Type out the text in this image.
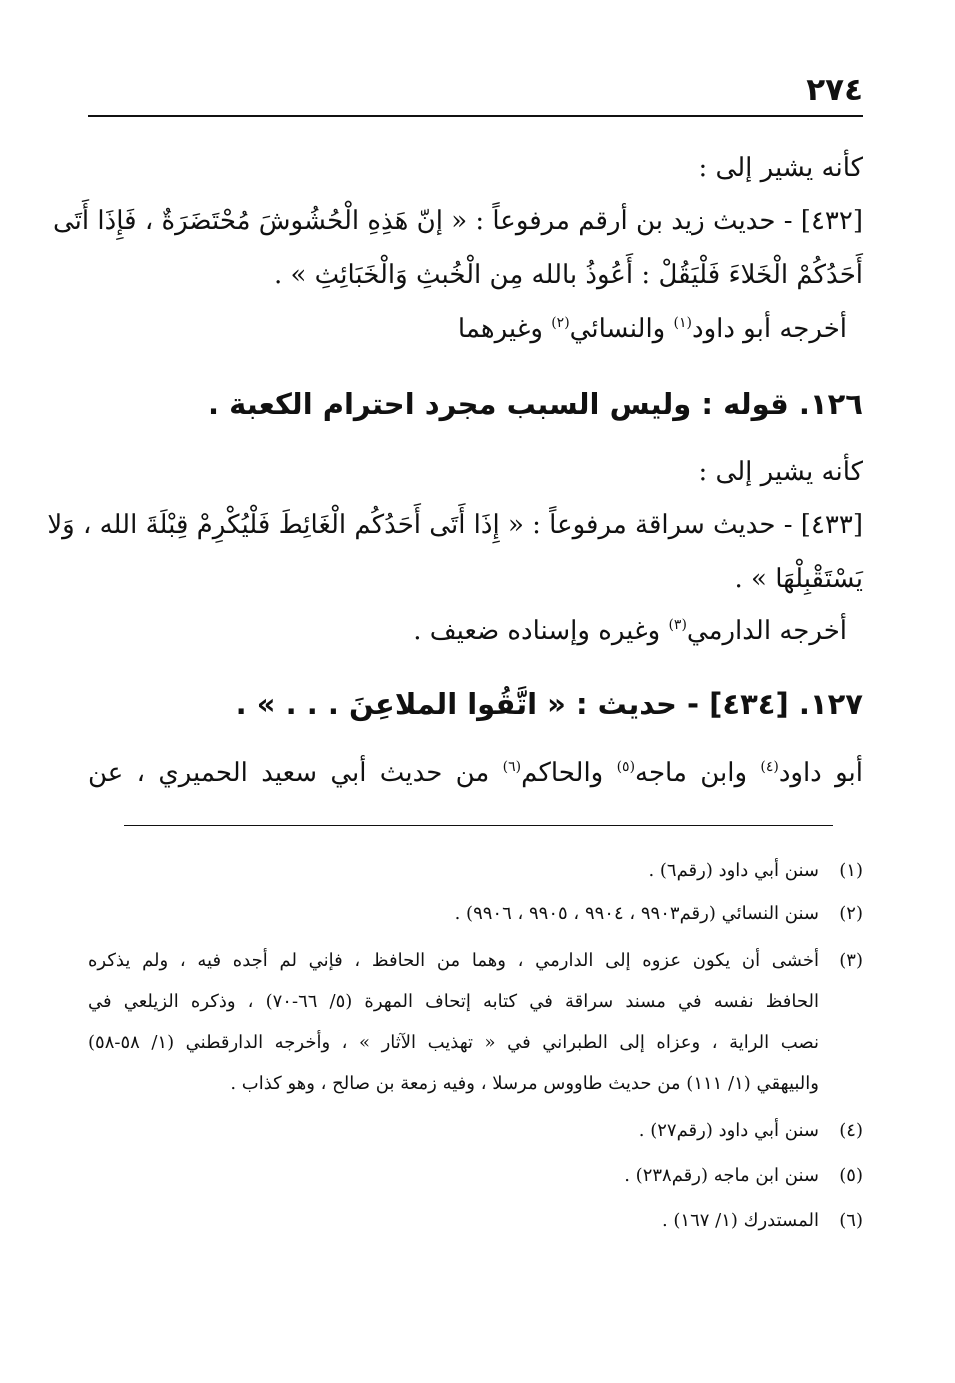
٢٧٤
كأنه يشير إلى :
[٤٣٢] - حديث زيد بن أرقم مرفوعاً : « إنّ هَذِهِ الْحُشُوشَ مُحْتَضَرَةٌ ، فَإِذَا أَتَى
أَحَدُكُمْ الْخَلاءَ فَلْيَقُلْ : أَعُوذُ بالله مِن الْخُبثِ وَالْخَبَائِثِ » .
أخرجه أبو داود$^{(١)}$ والنسائي$^{(٢)}$ وغيرهما
١٢٦. قوله : وليس السبب مجرد احترام الكعبة .
كأنه يشير إلى :
[٤٣٣] - حديث سراقة مرفوعاً : « إِذَا أَتَى أَحَدُكُم الْغَائِطَ فَلْيُكْرِمْ قِبْلَةَ الله ، وَلا
يَسْتَقْبِلْهَا » .
أخرجه الدارمي$^{(٣)}$ وغيره وإسناده ضعيف .
١٢٧. [٤٣٤] - حديث : « اتَّقُوا الملاعِنَ . . . » .
أبو داود$^{(٤)}$ وابن ماجه$^{(٥)}$ والحاكم$^{(٦)}$ من حديث أبي سعيد الحميري ، عن
(١)سنن أبي داود (رقم٦) .
(٢)سنن النسائي (رقم٩٩٠٣ ، ٩٩٠٤ ، ٩٩٠٥ ، ٩٩٠٦) .
(٣)
أخشى أن يكون عزوه إلى الدارمي ، وهما من الحافظ ، فإني لم أجده فيه ، ولم يذكره
الحافظ نفسه في مسند سراقة في كتابه إتحاف المهرة (٥/ ٦٦-٧٠) ، وذكره الزيلعي في
نصب الراية ، وعزاه إلى الطبراني في « تهذيب الآثار » ، وأخرجه الدارقطني (١/ ٥٨-٥٨)
والبيهقي (١/ ١١١) من حديث طاووس مرسلا ، وفيه زمعة بن صالح ، وهو كذاب .
(٤)سنن أبي داود (رقم٢٧) .
(٥)سنن ابن ماجه (رقم٢٣٨) .
(٦)المستدرك (١/ ١٦٧) .
